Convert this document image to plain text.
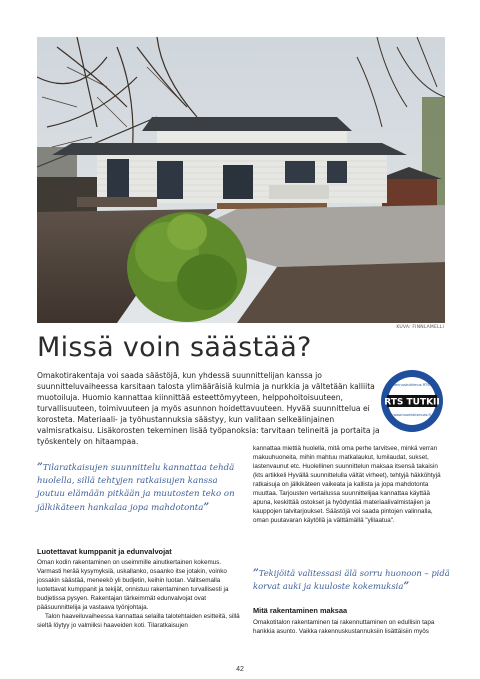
KUVA: FINNLAMELLI
Missä voin säästää?

Omakotirakentaja voi saada säästöjä, kun yhdessä suunnittelijan kanssa jo suunnitteluvaiheessa karsitaan talosta ylimääräisiä kulmia ja nurkkia ja vältetään kalliita muotoiluja. Huomio kannattaa kiinnittää esteettömyyteen, helppohoitoisuuteen, turvallisuuteen, toimivuuteen ja myös asunnon hoidettavuuteen. Hyvää suunnittelua ei korosteta. Materiaali- ja työhustannuksia säästyy, kun valitaan selkeälinjainen valmisratkaisu. Lisäkorosten tekeminen lisää työpanoksia: tarvitaan telineitä ja portaita ja työskentely on hitaampaa.

RTS TUTKII
Rakennustutkimus RTS Oy
www.tuomiaksmuas.fi

”Tilaratkaisujen suunnittelu kannattaa tehdä huolella, sillä tehtyjen ratkaisujen kanssa joutuu elämään pitkään ja muutosten teko on jälkikäteen hankalaa jopa mahdotonta”

Luotettavat kumppanit ja edunvalvojat

Oman kodin rakentaminen on useimmille ainutkertainen kokemus. Varmasti herää kysymyksiä, uskallanko, osaanko itse jotakin, voinko jossakin säästää, meneekö yli budjetin, keihin luotan. Valitsemalla luotettavat kumppanit ja tekijät, onnistuu rakentaminen turvallisesti ja budjetissa pysyen. Rakentajan tärkeimmät edunvalvojat ovat pääsuunnittelija ja vastaava työnjohtaja.

Talon haaveiluvaiheessa kannattaa selailla talotehtaiden esitteitä, sillä sieltä löytyy jo valmiiksi haaveiden koti. Tilaratkaisujen

kannattaa miettiä huolella, mitä oma perhe tarvitsee, minkä verran makuuhuoneita, mihin mahtuu matkalaukut, lumilaudat, sukset, lastenvaunut etc. Huolellinen suunnittelun maksaa itsensä takaisin (kts artikkeli Hyvällä suunnittelulla vältät virheet), tehtyjä häkköhtyjä ratkaisuja on jälkikäteen vaikeata ja kallista ja jopa mahdotonta muuttaa. Tarjousten vertailussa suunnittelijaa kannattaa käyttää apuna, keskittää ostokset ja hyödyntää materiaalivalmistajien ja kauppojen talvitarjoukset. Säästöjä voi saada pintojen valinnalla, oman puutavaran käytöllä ja välttämällä "ylilaatua".

”Tekijöitä valitessasi älä sorru huonoon – pidä korvat auki ja kuuloste kokemuksia”

Mitä rakentaminen maksaa

Omakotitalon rakentaminen tai rakennuttaminen on edullisin tapa hankkia asunto. Vaikka rakennuskustannuksiin lisättäisiin myös

42
